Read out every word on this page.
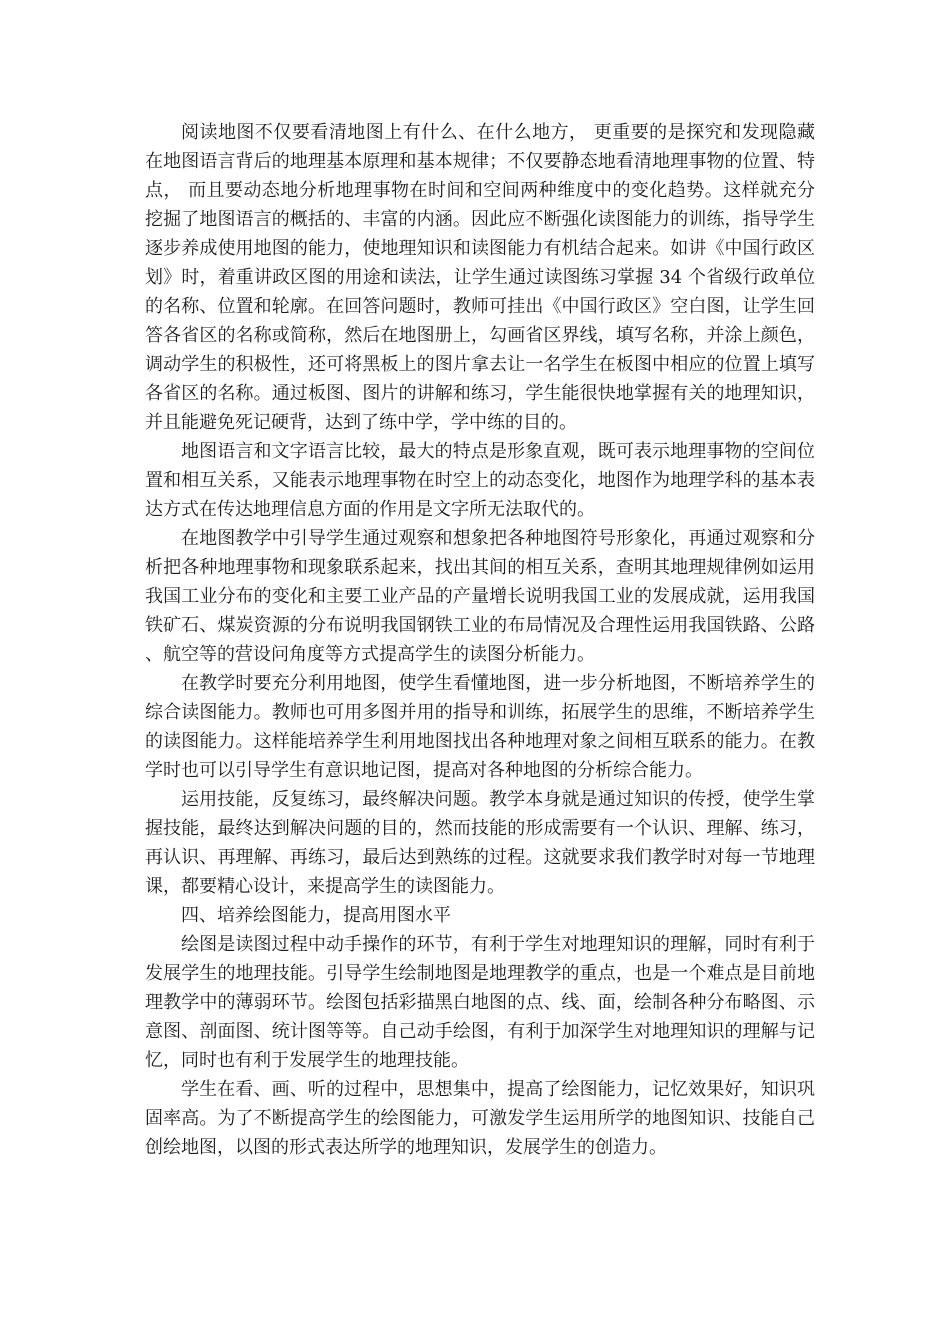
阅读地图不仅要看清地图上有什么、在什么地方， 更重要的是探究和发现隐藏在地图语言背后的地理基本原理和基本规律；不仅要静态地看清地理事物的位置、特点， 而且要动态地分析地理事物在时间和空间两种维度中的变化趋势。这样就充分挖掘了地图语言的概括的、丰富的内涵。因此应不断强化读图能力的训练，指导学生逐步养成使用地图的能力，使地理知识和读图能力有机结合起来。如讲《中国行政区划》时，着重讲政区图的用途和读法，让学生通过读图练习掌握 34 个省级行政单位的名称、位置和轮廓。在回答问题时，教师可挂出《中国行政区》空白图，让学生回答各省区的名称或简称，然后在地图册上，勾画省区界线，填写名称，并涂上颜色，调动学生的积极性，还可将黑板上的图片拿去让一名学生在板图中相应的位置上填写各省区的名称。通过板图、图片的讲解和练习，学生能很快地掌握有关的地理知识，并且能避免死记硬背，达到了练中学，学中练的目的。

地图语言和文字语言比较，最大的特点是形象直观，既可表示地理事物的空间位置和相互关系，又能表示地理事物在时空上的动态变化，地图作为地理学科的基本表达方式在传达地理信息方面的作用是文字所无法取代的。

在地图教学中引导学生通过观察和想象把各种地图符号形象化，再通过观察和分析把各种地理事物和现象联系起来，找出其间的相互关系，查明其地理规律例如运用我国工业分布的变化和主要工业产品的产量增长说明我国工业的发展成就，运用我国铁矿石、煤炭资源的分布说明我国钢铁工业的布局情况及合理性运用我国铁路、公路、航空等的营设问角度等方式提高学生的读图分析能力。

在教学时要充分利用地图，使学生看懂地图，进一步分析地图，不断培养学生的综合读图能力。教师也可用多图并用的指导和训练，拓展学生的思维，不断培养学生的读图能力。这样能培养学生利用地图找出各种地理对象之间相互联系的能力。在教学时也可以引导学生有意识地记图，提高对各种地图的分析综合能力。

运用技能，反复练习，最终解决问题。教学本身就是通过知识的传授，使学生掌握技能，最终达到解决问题的目的，然而技能的形成需要有一个认识、理解、练习，再认识、再理解、再练习，最后达到熟练的过程。这就要求我们教学时对每一节地理课，都要精心设计，来提高学生的读图能力。

四、培养绘图能力，提高用图水平

绘图是读图过程中动手操作的环节，有利于学生对地理知识的理解，同时有利于发展学生的地理技能。引导学生绘制地图是地理教学的重点，也是一个难点是目前地理教学中的薄弱环节。绘图包括彩描黑白地图的点、线、面，绘制各种分布略图、示意图、剖面图、统计图等等。自己动手绘图，有利于加深学生对地理知识的理解与记忆，同时也有利于发展学生的地理技能。

学生在看、画、听的过程中，思想集中，提高了绘图能力，记忆效果好，知识巩固率高。为了不断提高学生的绘图能力，可激发学生运用所学的地图知识、技能自己创绘地图，以图的形式表达所学的地理知识，发展学生的创造力。
